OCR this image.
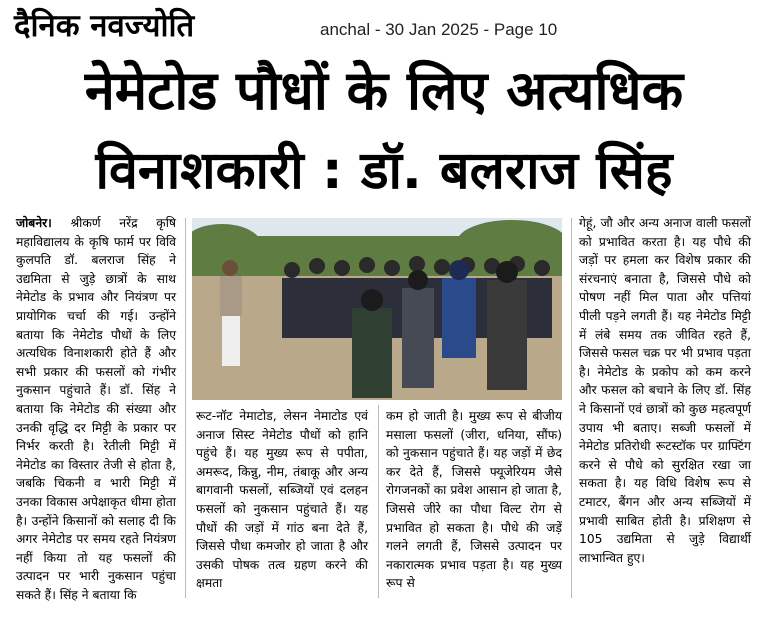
दैनिक नवज्योति	anchal - 30 Jan 2025 - Page 10
नेमेटोड पौधों के लिए अत्यधिक
विनाशकारी : डॉ. बलराज सिंह

जोबनेर। श्रीकर्ण नरेंद्र कृषि महाविद्यालय के कृषि फार्म पर विवि कुलपति डॉ. बलराज सिंह ने उद्यमिता से जुड़े छात्रों के साथ नेमेटोड के प्रभाव और नियंत्रण पर प्रायोगिक चर्चा की गई। उन्होंने बताया कि नेमेटोड पौधों के लिए अत्यधिक विनाशकारी होते हैं और सभी प्रकार की फसलों को गंभीर नुकसान पहुंचाते हैं। डॉ. सिंह ने बताया कि नेमेटोड की संख्या और उनकी वृद्धि दर मिट्टी के प्रकार पर निर्भर करती है। रेतीली मिट्टी में नेमेटोड का विस्तार तेजी से होता है, जबकि चिकनी व भारी मिट्टी में उनका विकास अपेक्षाकृत धीमा होता है। उन्होंने किसानों को सलाह दी कि अगर नेमेटोड पर समय रहते नियंत्रण नहीं किया तो यह फसलों की उत्पादन पर भारी नुकसान पहुंचा सकते हैं। सिंह ने बताया कि

रूट-नॉट नेमाटोड, लेसन नेमाटोड एवं अनाज सिस्ट नेमेटोड पौधों को हानि पहुंचे हैं। यह मुख्य रूप से पपीता, अमरूद, किन्नु, नीम, तंबाकू और अन्य बागवानी फसलों, सब्जियों एवं दलहन फसलों को नुकसान पहुंचाते हैं। यह पौधों की जड़ों में गांठ बना देते हैं, जिससे पौधा कमजोर हो जाता है और उसकी पोषक तत्व ग्रहण करने की क्षमता

कम हो जाती है। मुख्य रूप से बीजीय मसाला फसलों (जीरा, धनिया, सौंफ) को नुकसान पहुंचाते हैं। यह जड़ों में छेद कर देते हैं, जिससे फ्यूजेरियम जैसे रोगजनकों का प्रवेश आसान हो जाता है, जिससे जीरे का पौधा विल्ट रोग से प्रभावित हो सकता है। पौधे की जड़ें गलने लगती हैं, जिससे उत्पादन पर नकारात्मक प्रभाव पड़ता है। यह मुख्य रूप से

गेहूं, जौ और अन्य अनाज वाली फसलों को प्रभावित करता है। यह पौधे की जड़ों पर हमला कर विशेष प्रकार की संरचनाएं बनाता है, जिससे पौधे को पोषण नहीं मिल पाता और पत्तियां पीली पड़ने लगती हैं। यह नेमेटोड मिट्टी में लंबे समय तक जीवित रहते हैं, जिससे फसल चक्र पर भी प्रभाव पड़ता है। नेमेटोड के प्रकोप को कम करने और फसल को बचाने के लिए डॉ. सिंह ने किसानों एवं छात्रों को कुछ महत्वपूर्ण उपाय भी बताए। सब्जी फसलों में नेमेटोड प्रतिरोधी रूटस्टॉक पर ग्राफ्टिंग करने से पौधे को सुरक्षित रखा जा सकता है। यह विधि विशेष रूप से टमाटर, बैंगन और अन्य सब्जियों में प्रभावी साबित होती है। प्रशिक्षण से 105 उद्यमिता से जुड़े विद्यार्थी लाभान्वित हुए।
